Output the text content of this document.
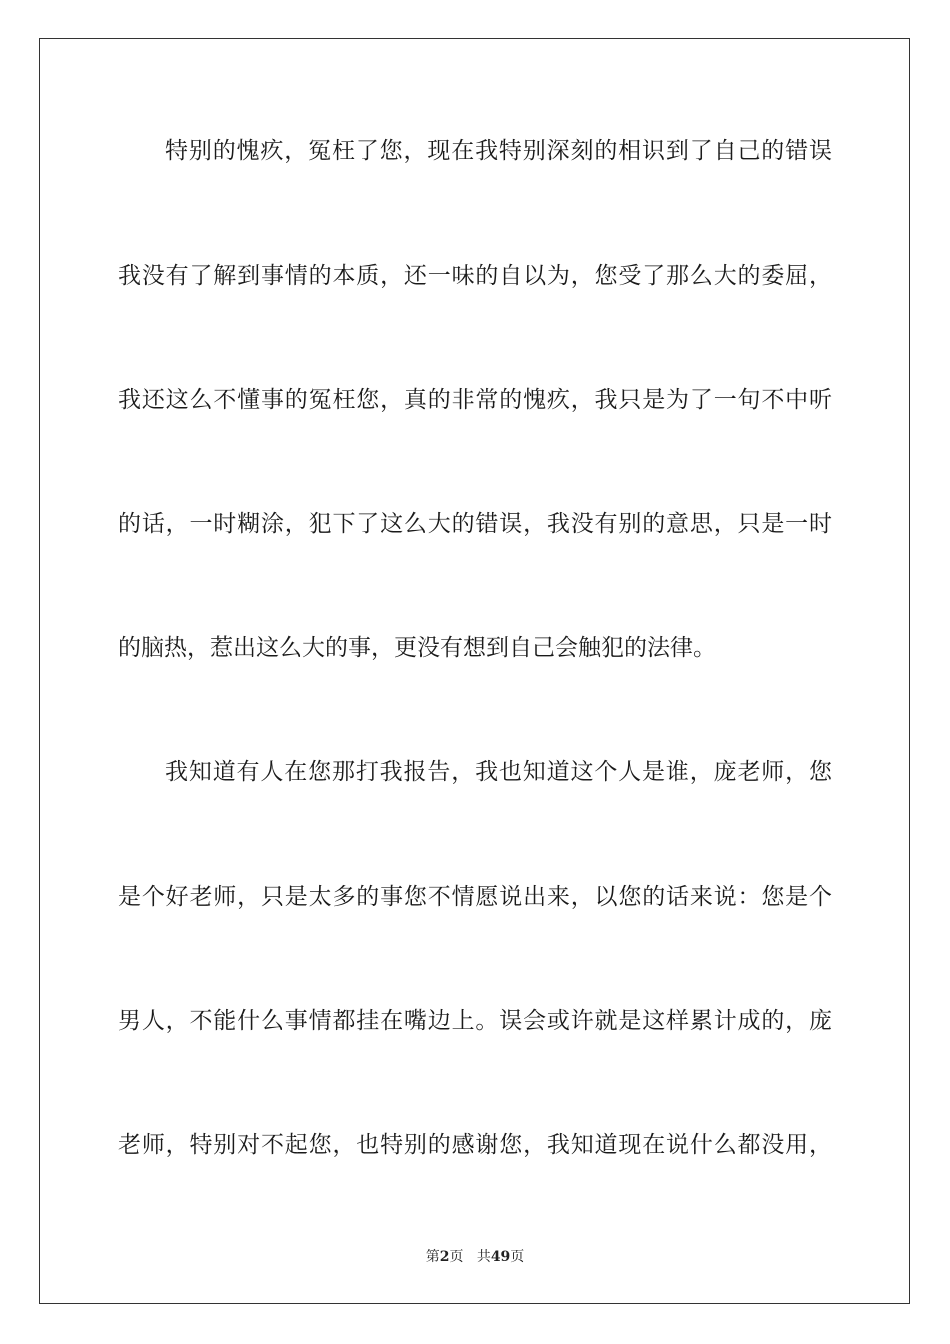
特别的愧疚，冤枉了您，现在我特别深刻的相识到了自己的错误
我没有了解到事情的本质，还一味的自以为，您受了那么大的委屈，
我还这么不懂事的冤枉您，真的非常的愧疚，我只是为了一句不中听
的话，一时糊涂，犯下了这么大的错误，我没有别的意思，只是一时
的脑热，惹出这么大的事，更没有想到自己会触犯的法律。
我知道有人在您那打我报告，我也知道这个人是谁，庞老师，您
是个好老师，只是太多的事您不情愿说出来，以您的话来说：您是个
男人，不能什么事情都挂在嘴边上。误会或许就是这样累计成的，庞
老师，特别对不起您，也特别的感谢您，我知道现在说什么都没用，
第2页 共49页
